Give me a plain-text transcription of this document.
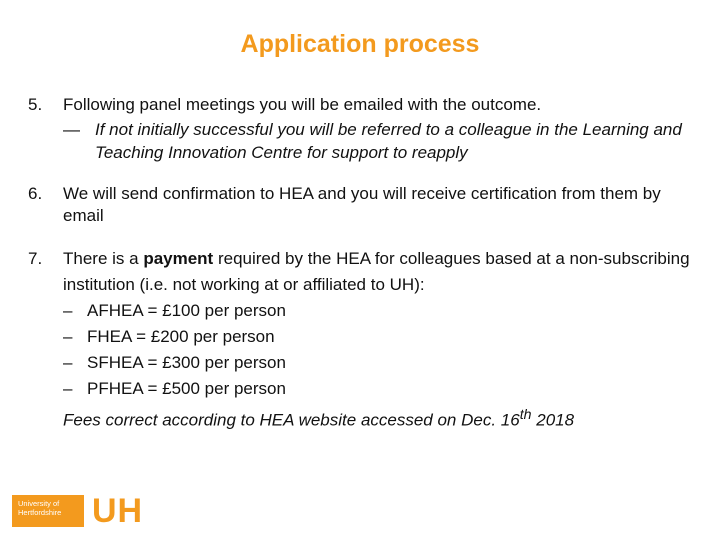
Application process
5.	Following panel meetings you will be emailed with the outcome.
— If not initially successful you will be referred to a colleague in the Learning and Teaching Innovation Centre for support to reapply
6.	We will send confirmation to HEA and you will receive certification from them by email
7.	There is a payment required by the HEA for colleagues based at a non-subscribing institution (i.e. not working at or affiliated to UH):
– AFHEA = £100 per person
– FHEA = £200 per person
– SFHEA = £300 per person
– PFHEA = £500 per person
Fees correct according to HEA website accessed on Dec. 16th 2018
University of
Hertfordshire UH
